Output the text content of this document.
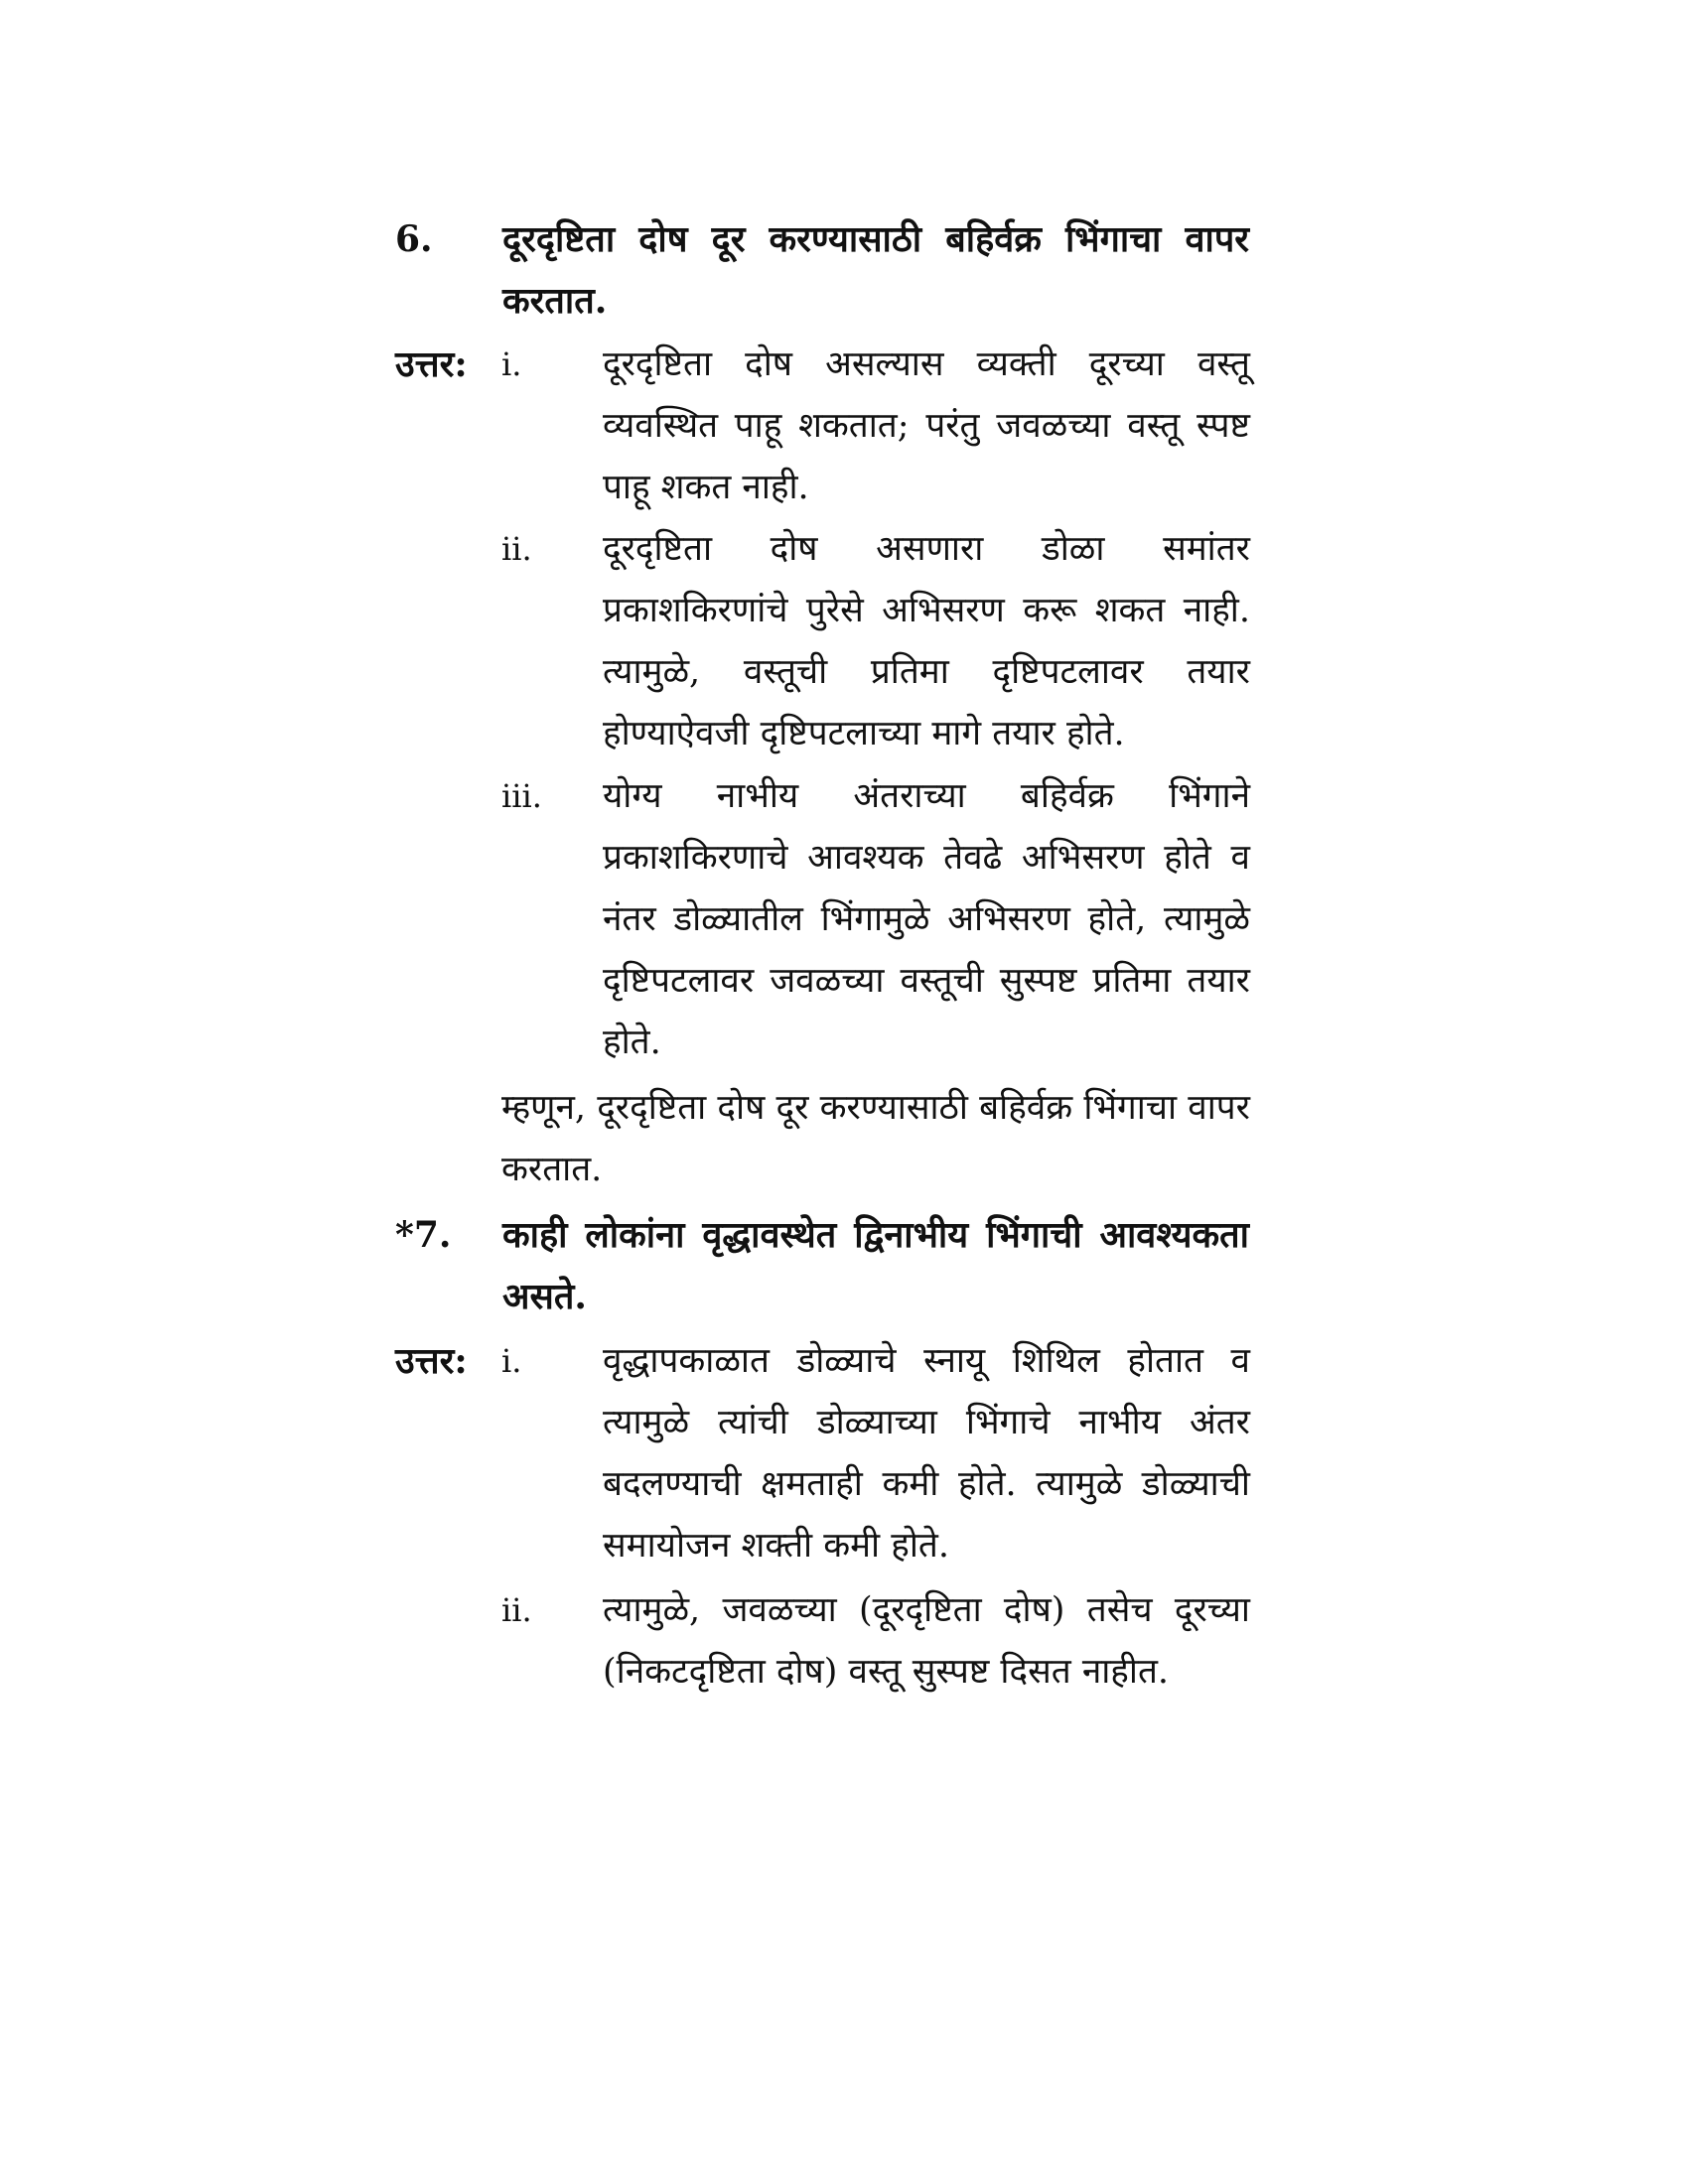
6. दूरदृष्टिता दोष दूर करण्यासाठी बहिर्वक्र भिंगाचा वापर करतात.
उत्तर: i. दूरदृष्टिता दोष असल्यास व्यक्ती दूरच्या वस्तू व्यवस्थित पाहू शकतात; परंतु जवळच्या वस्तू स्पष्ट पाहू शकत नाही.
ii. दूरदृष्टिता दोष असणारा डोळा समांतर प्रकाशकिरणांचे पुरेसे अभिसरण करू शकत नाही. त्यामुळे, वस्तूची प्रतिमा दृष्टिपटलावर तयार होण्याऐवजी दृष्टिपटलाच्या मागे तयार होते.
iii. योग्य नाभीय अंतराच्या बहिर्वक्र भिंगाने प्रकाशकिरणाचे आवश्यक तेवढे अभिसरण होते व नंतर डोळ्यातील भिंगामुळे अभिसरण होते, त्यामुळे दृष्टिपटलावर जवळच्या वस्तूची सुस्पष्ट प्रतिमा तयार होते.
म्हणून, दूरदृष्टिता दोष दूर करण्यासाठी बहिर्वक्र भिंगाचा वापर करतात.
*7. काही लोकांना वृद्धावस्थेत द्विनाभीय भिंगाची आवश्यकता असते.
उत्तर: i. वृद्धापकाळात डोळ्याचे स्नायू शिथिल होतात व त्यामुळे त्यांची डोळ्याच्या भिंगाचे नाभीय अंतर बदलण्याची क्षमताही कमी होते. त्यामुळे डोळ्याची समायोजन शक्ती कमी होते.
ii. त्यामुळे, जवळच्या (दूरदृष्टिता दोष) तसेच दूरच्या (निकटदृष्टिता दोष) वस्तू सुस्पष्ट दिसत नाहीत.
